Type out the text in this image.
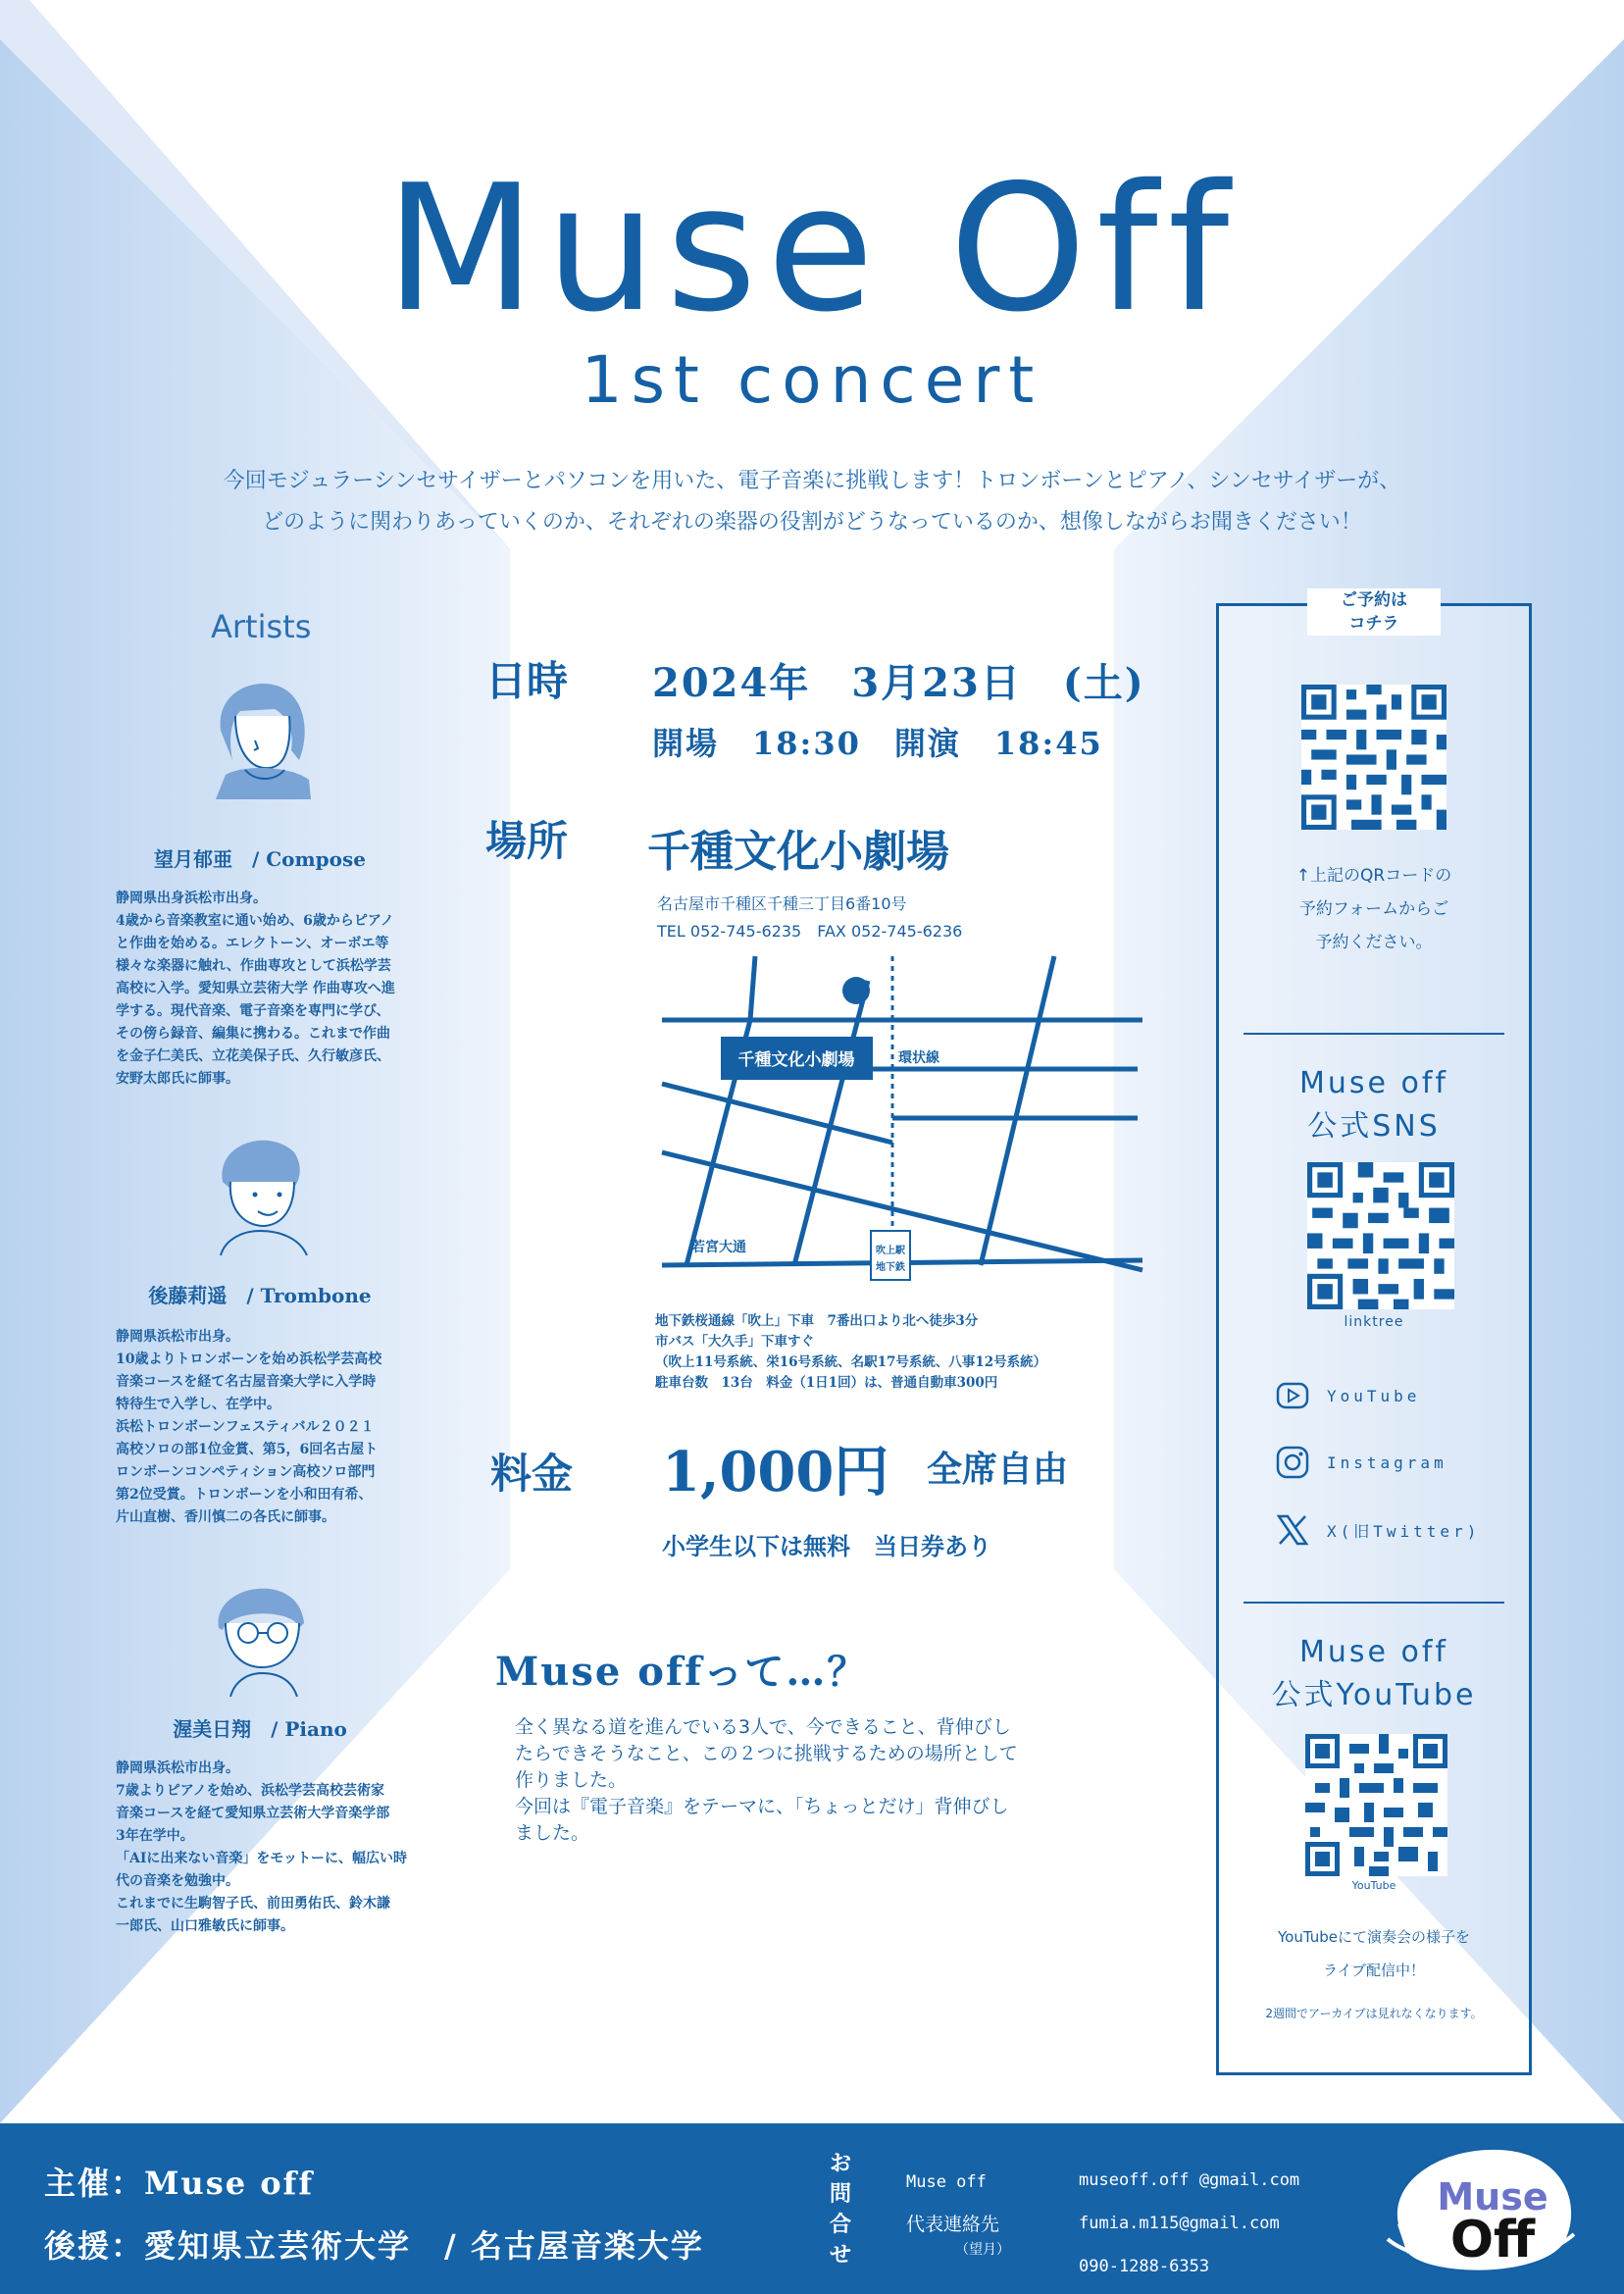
Muse Off
1st concert
今回モジュラーシンセサイザーとパソコンを用いた、電子音楽に挑戦します！トロンボーンとピアノ、シンセサイザーが、
どのように関わりあっていくのか、それぞれの楽器の役割がどうなっているのか、想像しながらお聞きください！
Artists
望月郁亜　/ Compose
静岡県出身浜松市出身。
4歳から音楽教室に通い始め、6歳からピアノ
と作曲を始める。エレクトーン、オーボエ等
様々な楽器に触れ、作曲専攻として浜松学芸
高校に入学。愛知県立芸術大学 作曲専攻へ進
学する。現代音楽、電子音楽を専門に学び、
その傍ら録音、編集に携わる。これまで作曲
を金子仁美氏、立花美保子氏、久行敏彦氏、
安野太郎氏に師事。
後藤莉遥　/ Trombone
静岡県浜松市出身。
10歳よりトロンボーンを始め浜松学芸高校
音楽コースを経て名古屋音楽大学に入学時
特待生で入学し、在学中。
浜松トロンボーンフェスティバル２０２１
高校ソロの部1位金賞、第5，6回名古屋ト
ロンボーンコンペティション高校ソロ部門
第2位受賞。トロンボーンを小和田有希、
片山直樹、香川慎二の各氏に師事。
渥美日翔　/ Piano
静岡県浜松市出身。
7歳よりピアノを始め、浜松学芸高校芸術家
音楽コースを経て愛知県立芸術大学音楽学部
3年在学中。
「AIに出来ない音楽」をモットーに、幅広い時
代の音楽を勉強中。
これまでに生駒智子氏、前田勇佑氏、鈴木謙
一郎氏、山口雅敏氏に師事。
日時 2024年　3月23日　(土)
開場　18:30　開演　18:45
場所 千種文化小劇場
名古屋市千種区千種三丁目6番10号
TEL 052-745-6235　FAX 052-745-6236
千種文化小劇場	環状線
若宮大通	吹上駅
地下鉄
地下鉄桜通線「吹上」下車　7番出口より北へ徒歩3分
市バス「大久手」下車すぐ
（吹上11号系統、栄16号系統、名駅17号系統、八事12号系統）
駐車台数　13台　料金（1日1回）は、普通自動車300円
料金 1,000円 全席自由
小学生以下は無料　当日券あり
Muse offって…？
全く異なる道を進んでいる3人で、今できること、背伸びし
たらできそうなこと、この２つに挑戦するための場所として
作りました。
今回は『電子音楽』をテーマに、「ちょっとだけ」背伸びし
ました。
ご予約は
コチラ
↑上記のQRコードの
予約フォームからご
予約ください。
Muse off
公式SNS
linktree
YouTube
Instagram
X(旧Twitter)
Muse off
公式YouTube
YouTube
YouTubeにて演奏会の様子を
ライブ配信中！
2週間でアーカイブは見れなくなります。
主催：Muse off
後援：愛知県立芸術大学　/ 名古屋音楽大学
お問合せ
Muse off
代表連絡先
（望月）
museoff.off @gmail.com
fumia.m115@gmail.com
090-1288-6353
Muse
Off
